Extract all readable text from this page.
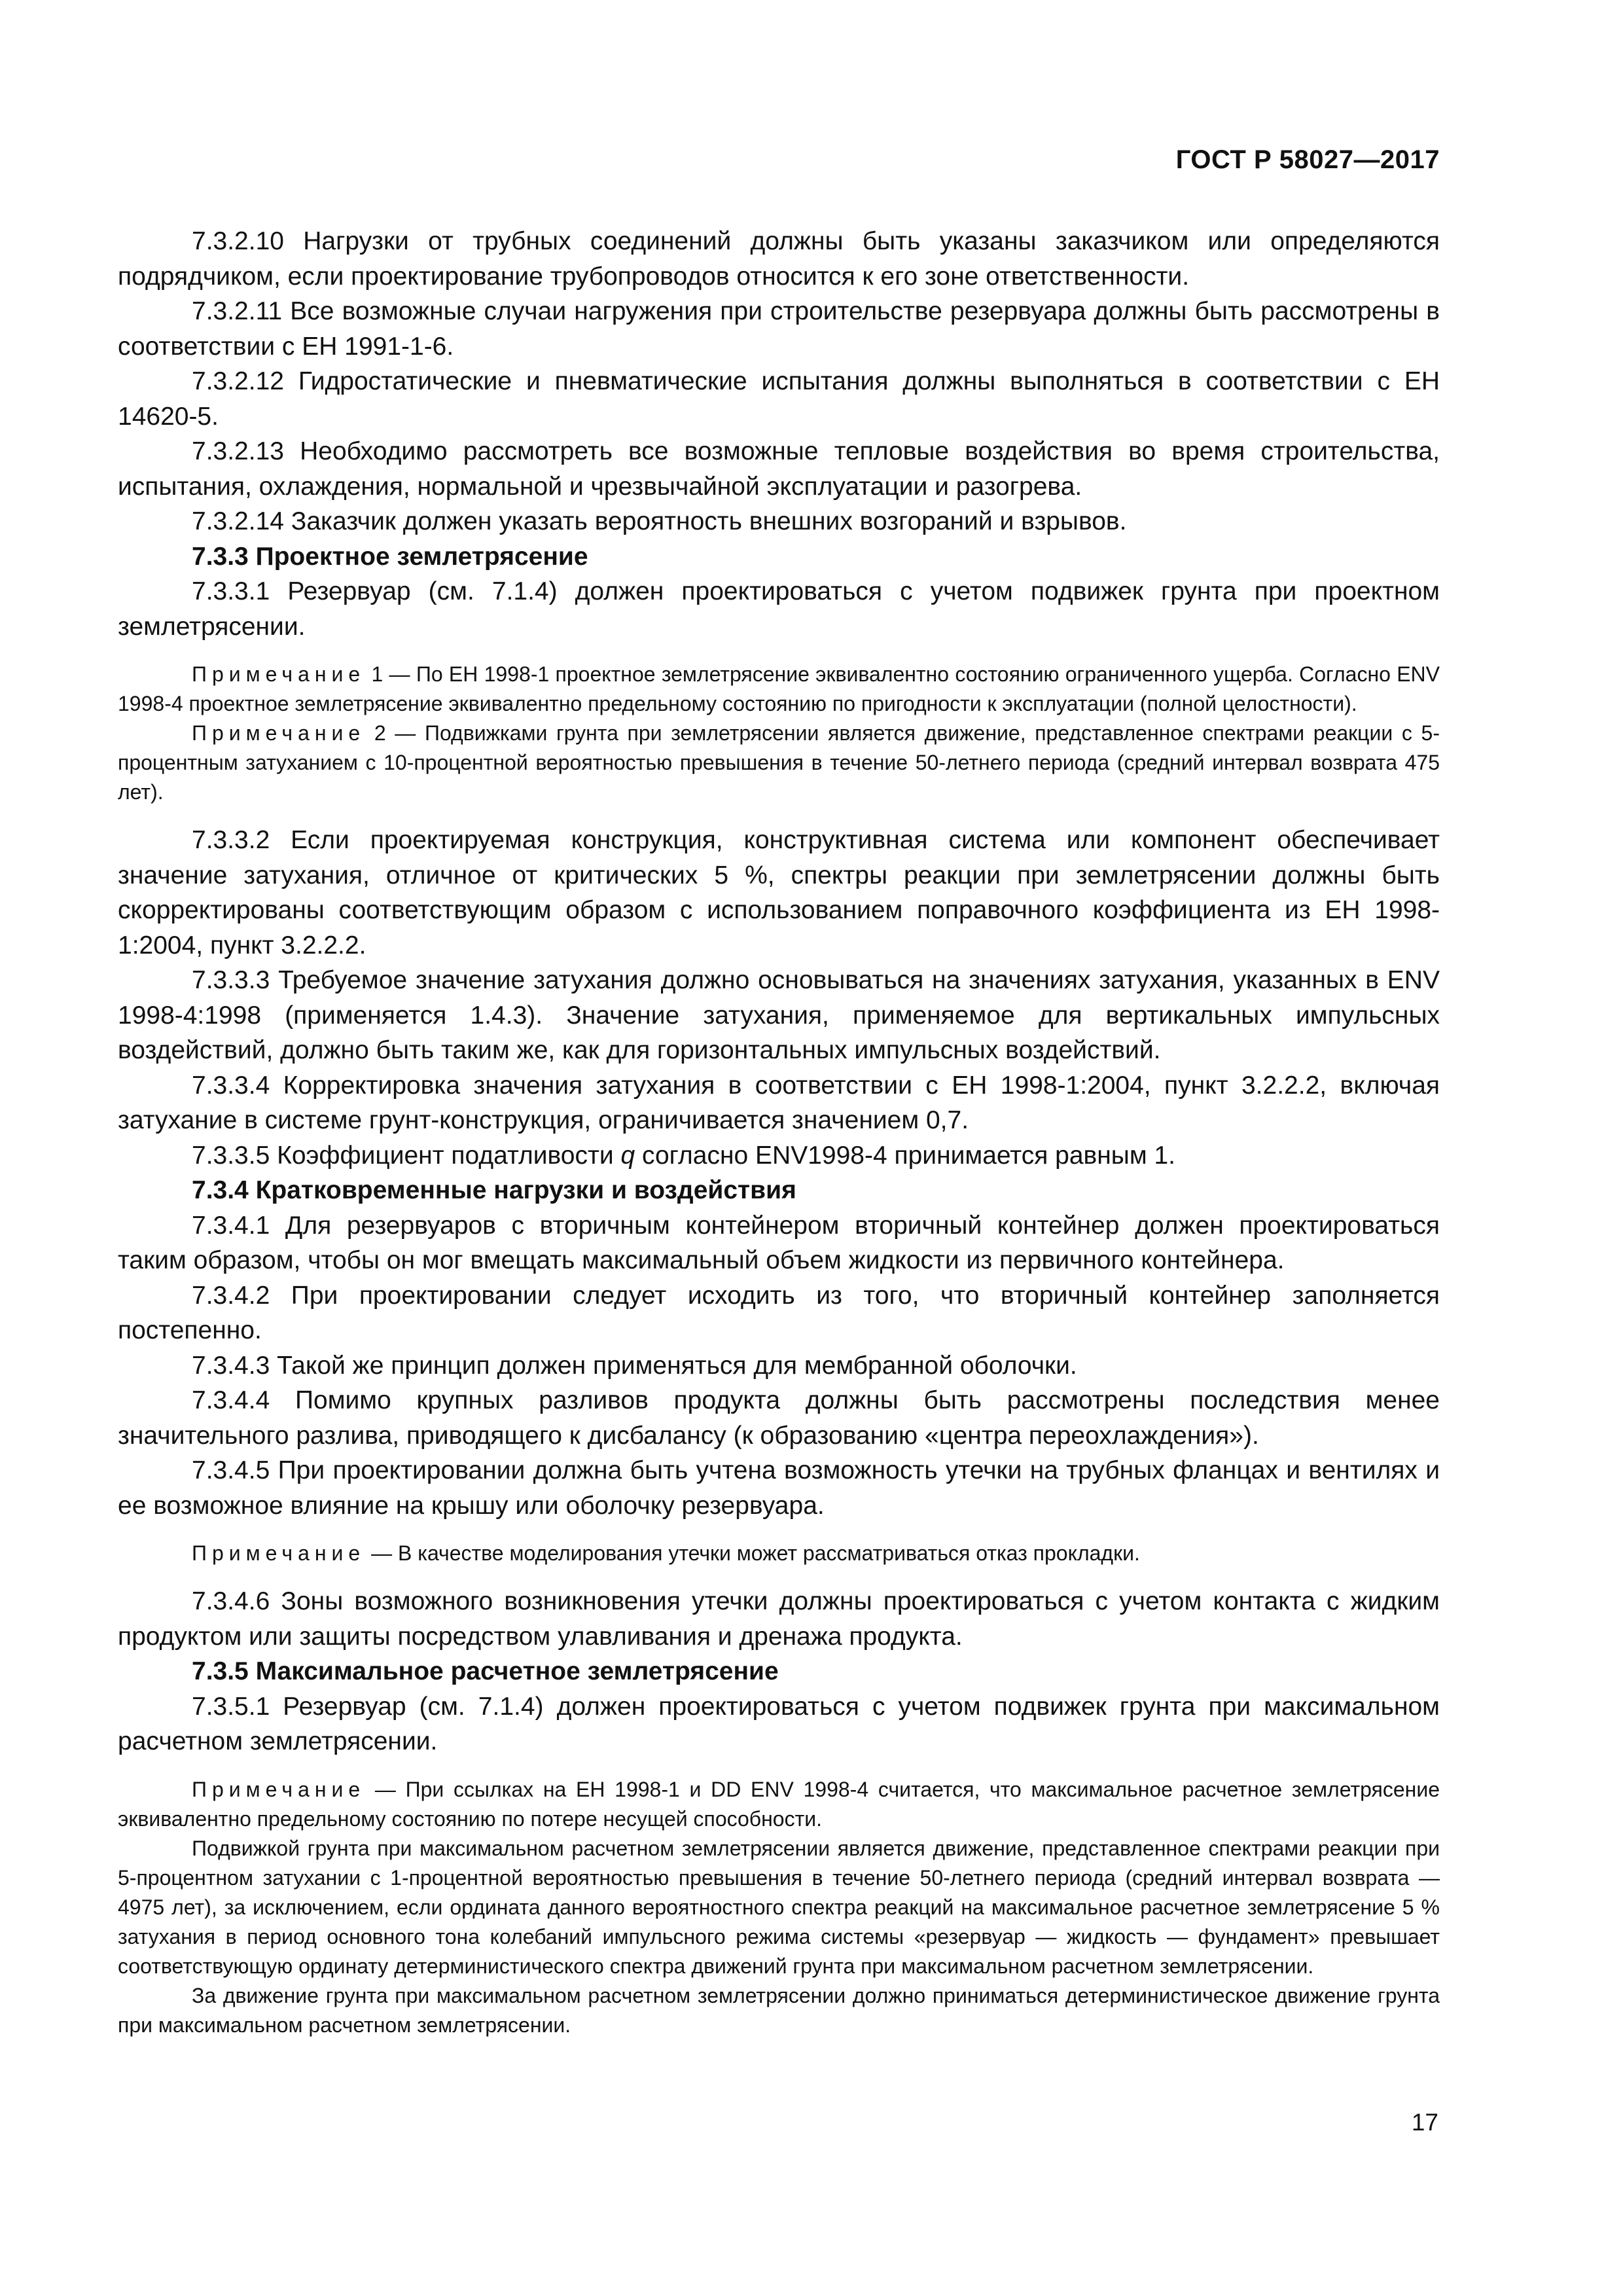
ГОСТ Р 58027—2017

7.3.2.10 Нагрузки от трубных соединений должны быть указаны заказчиком или определяются подрядчиком, если проектирование трубопроводов относится к его зоне ответственности.

7.3.2.11 Все возможные случаи нагружения при строительстве резервуара должны быть рассмотрены в соответствии с ЕН 1991-1-6.

7.3.2.12 Гидростатические и пневматические испытания должны выполняться в соответствии с ЕН 14620-5.

7.3.2.13 Необходимо рассмотреть все возможные тепловые воздействия во время строительства, испытания, охлаждения, нормальной и чрезвычайной эксплуатации и разогрева.

7.3.2.14 Заказчик должен указать вероятность внешних возгораний и взрывов.

7.3.3 Проектное землетрясение

7.3.3.1 Резервуар (см. 7.1.4) должен проектироваться с учетом подвижек грунта при проектном землетрясении.

Примечание 1 — По ЕН 1998-1 проектное землетрясение эквивалентно состоянию ограниченного ущерба. Согласно ENV 1998-4 проектное землетрясение эквивалентно предельному состоянию по пригодности к эксплуатации (полной целостности).

Примечание 2 — Подвижками грунта при землетрясении является движение, представленное спектрами реакции с 5-процентным затуханием с 10-процентной вероятностью превышения в течение 50-летнего периода (средний интервал возврата 475 лет).

7.3.3.2 Если проектируемая конструкция, конструктивная система или компонент обеспечивает значение затухания, отличное от критических 5 %, спектры реакции при землетрясении должны быть скорректированы соответствующим образом с использованием поправочного коэффициента из ЕН 1998-1:2004, пункт 3.2.2.2.

7.3.3.3 Требуемое значение затухания должно основываться на значениях затухания, указанных в ENV 1998-4:1998 (применяется 1.4.3). Значение затухания, применяемое для вертикальных импульсных воздействий, должно быть таким же, как для горизонтальных импульсных воздействий.

7.3.3.4 Корректировка значения затухания в соответствии с ЕН 1998-1:2004, пункт 3.2.2.2, включая затухание в системе грунт-конструкция, ограничивается значением 0,7.

7.3.3.5 Коэффициент податливости q согласно ENV1998-4 принимается равным 1.

7.3.4 Кратковременные нагрузки и воздействия

7.3.4.1 Для резервуаров с вторичным контейнером вторичный контейнер должен проектироваться таким образом, чтобы он мог вмещать максимальный объем жидкости из первичного контейнера.

7.3.4.2 При проектировании следует исходить из того, что вторичный контейнер заполняется постепенно.

7.3.4.3 Такой же принцип должен применяться для мембранной оболочки.

7.3.4.4 Помимо крупных разливов продукта должны быть рассмотрены последствия менее значительного разлива, приводящего к дисбалансу (к образованию «центра переохлаждения»).

7.3.4.5 При проектировании должна быть учтена возможность утечки на трубных фланцах и вентилях и ее возможное влияние на крышу или оболочку резервуара.

Примечание — В качестве моделирования утечки может рассматриваться отказ прокладки.

7.3.4.6 Зоны возможного возникновения утечки должны проектироваться с учетом контакта с жидким продуктом или защиты посредством улавливания и дренажа продукта.

7.3.5 Максимальное расчетное землетрясение

7.3.5.1 Резервуар (см. 7.1.4) должен проектироваться с учетом подвижек грунта при максимальном расчетном землетрясении.

Примечание — При ссылках на ЕН 1998-1 и DD ENV 1998-4 считается, что максимальное расчетное землетрясение эквивалентно предельному состоянию по потере несущей способности.

Подвижкой грунта при максимальном расчетном землетрясении является движение, представленное спектрами реакции при 5-процентном затухании с 1-процентной вероятностью превышения в течение 50-летнего периода (средний интервал возврата — 4975 лет), за исключением, если ордината данного вероятностного спектра реакций на максимальное расчетное землетрясение 5 % затухания в период основного тона колебаний импульсного режима системы «резервуар — жидкость — фундамент» превышает соответствующую ординату детерминистического спектра движений грунта при максимальном расчетном землетрясении.

За движение грунта при максимальном расчетном землетрясении должно приниматься детерминистическое движение грунта при максимальном расчетном землетрясении.

17
